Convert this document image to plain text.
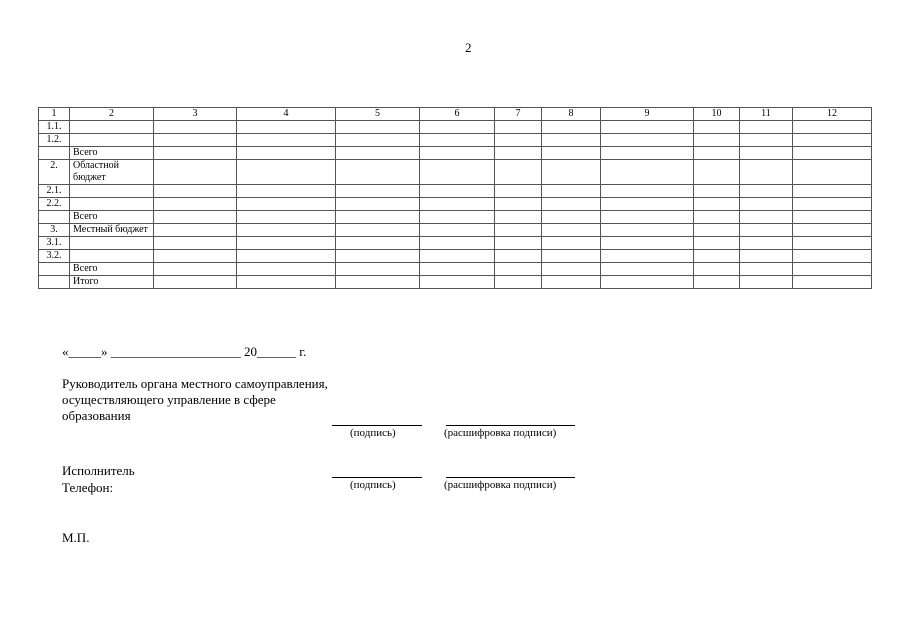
2
1	2	3	4	5	6	7	8	9	10	11	12
1.1.											
1.2.											
	Всего										
2.	Областной бюджет										
2.1.											
2.2.											
	Всего										
3.	Местный бюджет										
3.1.											
3.2.											
	Всего										
	Итого										
«_____» ____________________ 20______ г.
Руководитель органа местного самоуправления, осуществляющего управление в сфере образования
(подпись)	(расшифровка подписи)
Исполнитель
Телефон:	(подпись)	(расшифровка подписи)
М.П.
